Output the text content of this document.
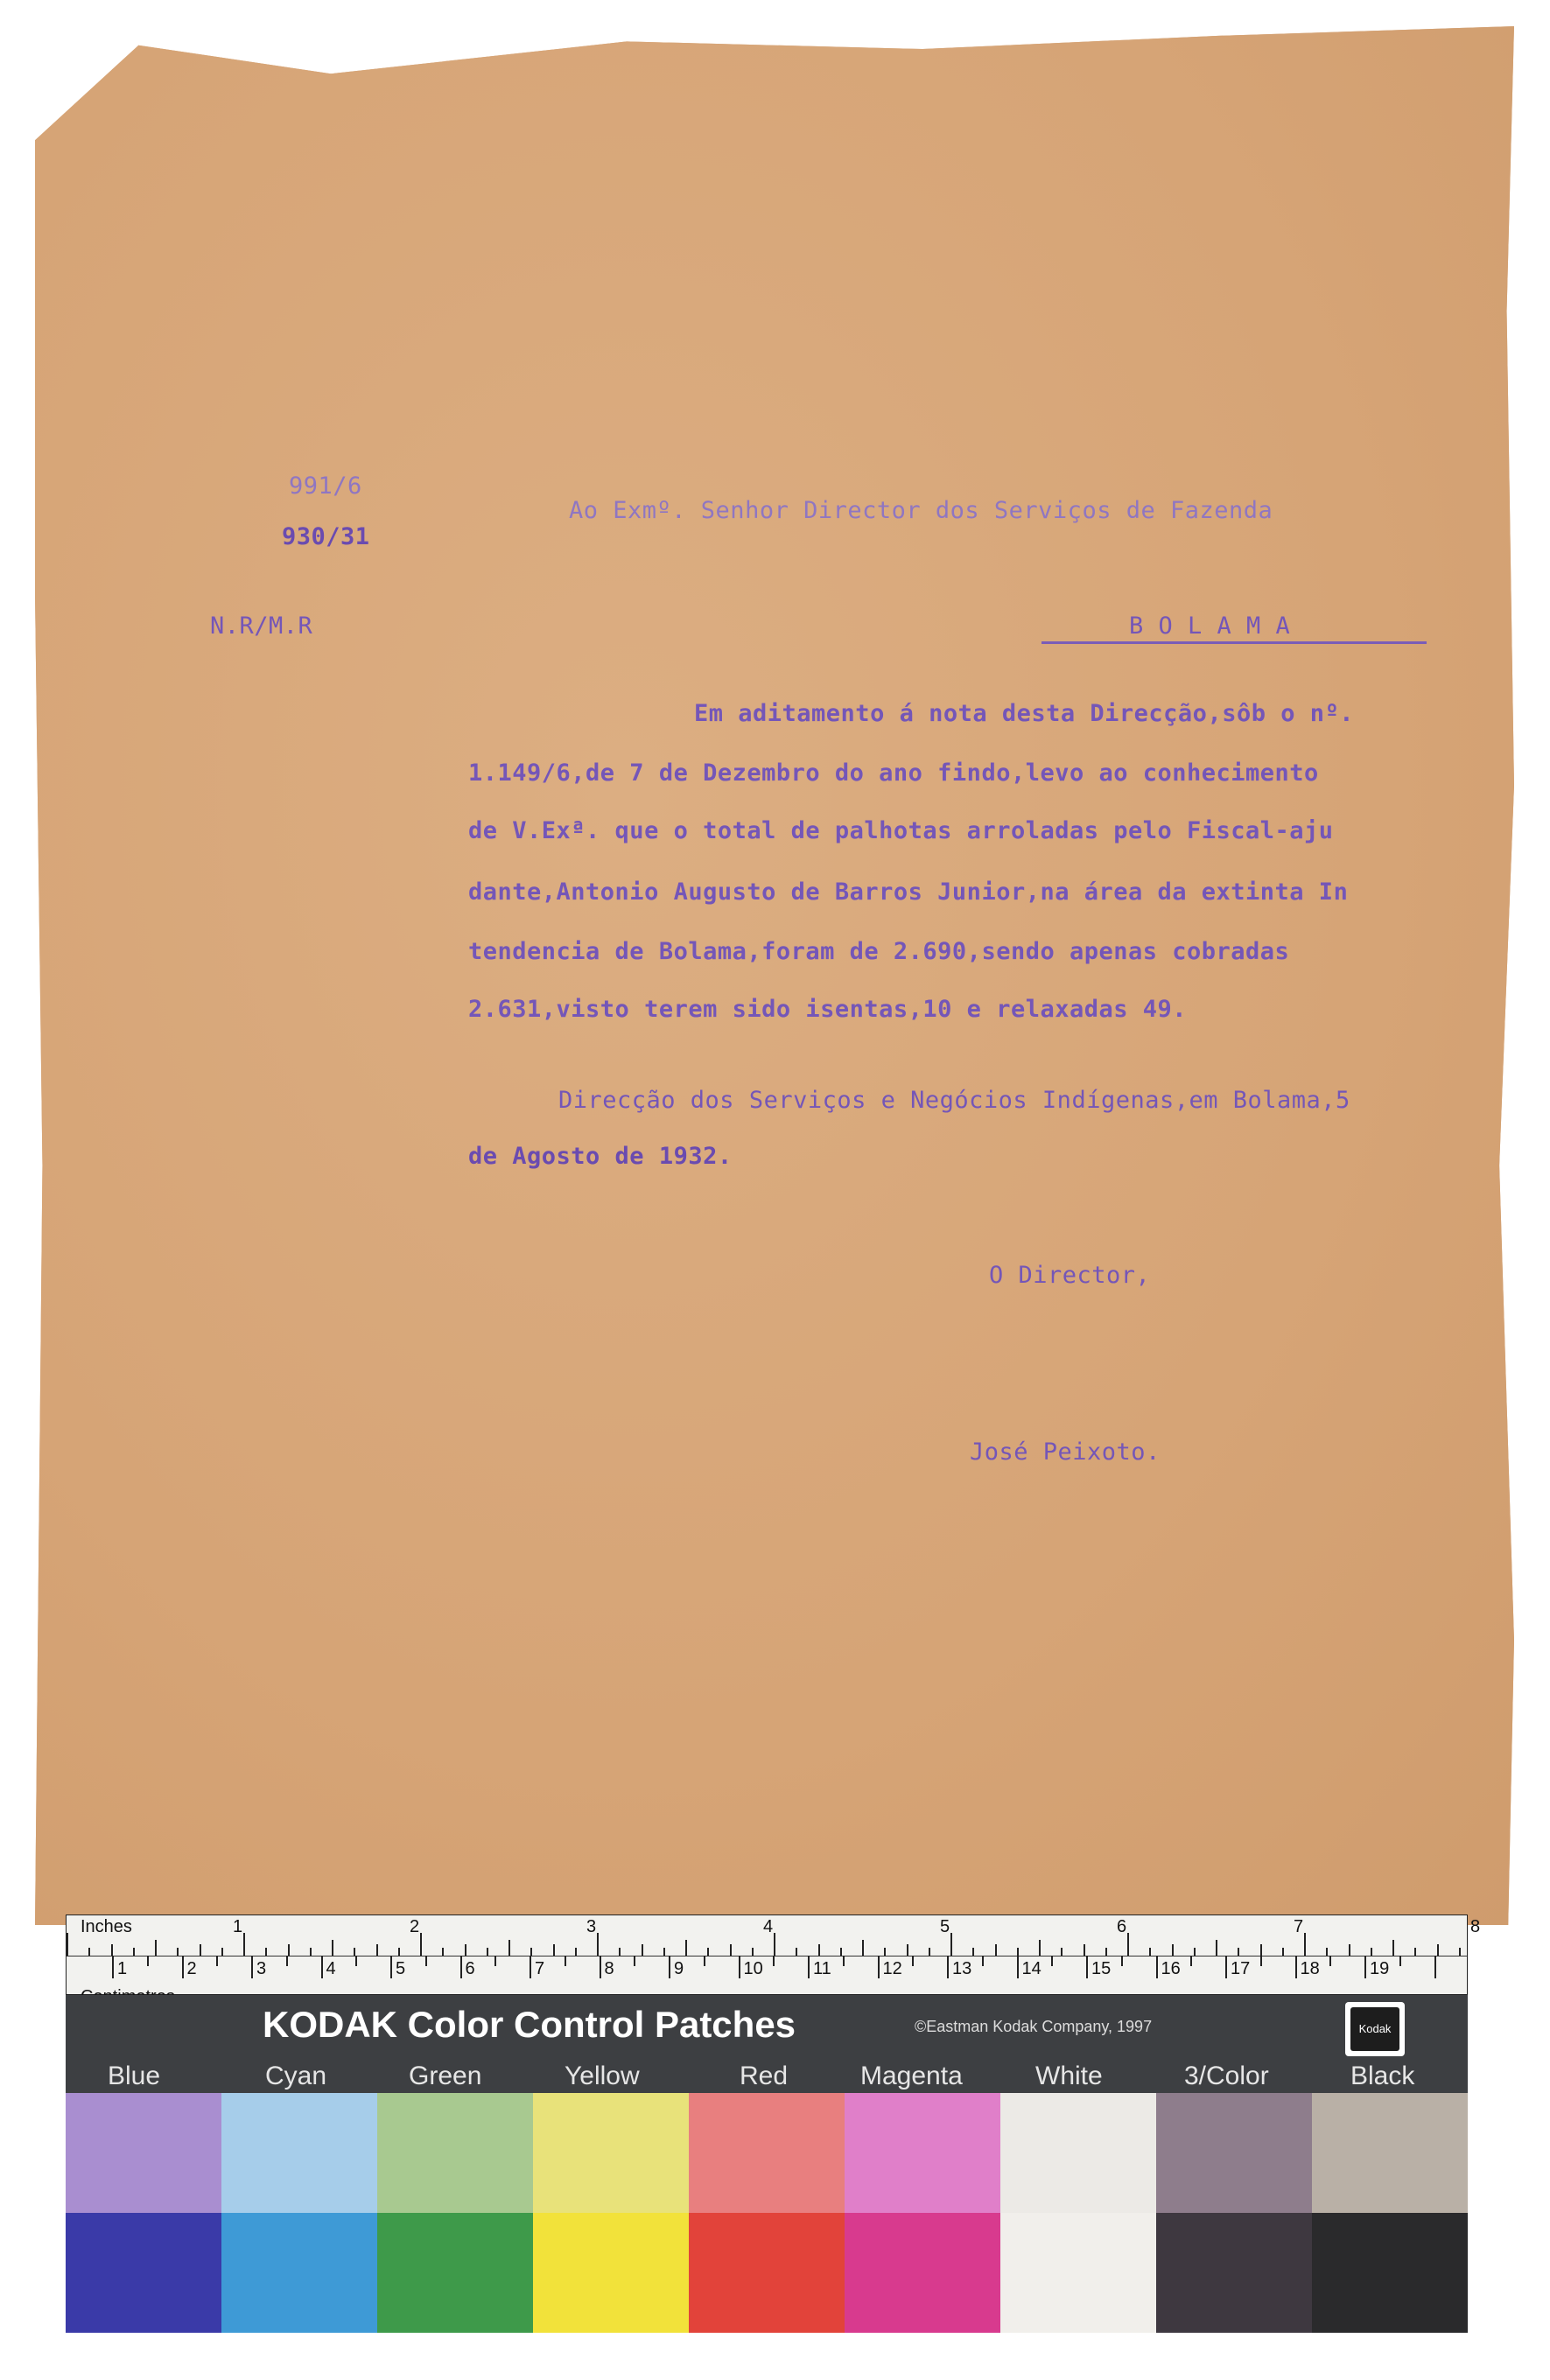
991/6
930/31
N.R/M.R
Ao Exmº. Senhor Director dos Serviços de Fazenda
B O L A M A
Em aditamento á nota desta Direcção,sôb o nº.
1.149/6,de 7 de Dezembro do ano findo,levo ao conhecimento
de V.Exª. que o total de palhotas arroladas pelo Fiscal-aju
dante,Antonio Augusto de Barros Junior,na área da extinta In
tendencia de Bolama,foram de 2.690,sendo apenas cobradas
2.631,visto terem sido isentas,10 e relaxadas 49.
Direcção dos Serviços e Negócios Indígenas,em Bolama,5
de Agosto de 1932.
O Director,
José Peixoto.
Inches	1	2	3	4	5	6	7	8
1	2	3	4	5	6	7	8	9	10	11	12	13	14	15	16	17	18	19
KODAK Color Control Patches	©Eastman Kodak Company, 1997	Kodak
Blue	Cyan	Green	Yellow	Red	Magenta	White	3/Color	Black
